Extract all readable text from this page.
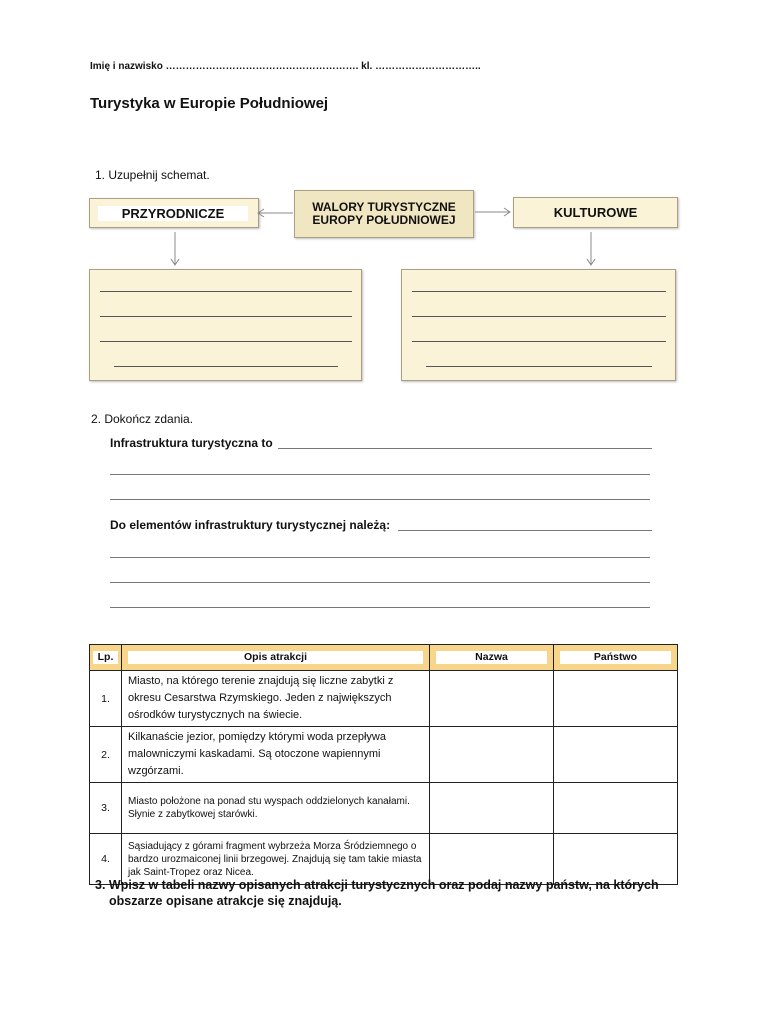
Imię i nazwisko …………………………………………………. kl. …………………………..
Turystyka w Europie Południowej
1. Uzupełnij schemat.
PRZYRODNICZE	WALORY TURYSTYCZNE
EUROPY POŁUDNIOWEJ	KULTUROWE
2. Dokończ zdania.
Infrastruktura turystyczna to
Do elementów infrastruktury turystycznej należą:
Lp.	Opis atrakcji	Nazwa	Państwo

1.	Miasto, na którego terenie znajdują się liczne zabytki z okresu Cesarstwa Rzymskiego. Jeden z największych ośrodków turystycznych na świecie.		
2.	Kilkanaście jezior, pomiędzy którymi woda przepływa malowniczymi kaskadami. Są otoczone wapiennymi wzgórzami.		
3.	Miasto położone na ponad stu wyspach oddzielonych kanałami. Słynie z zabytkowej starówki.		
4.	Sąsiadujący z górami fragment wybrzeża Morza Śródziemnego o bardzo urozmaiconej linii brzegowej. Znajdują się tam takie miasta jak Saint-Tropez oraz Nicea.		
3. Wpisz w tabeli nazwy opisanych atrakcji turystycznych oraz podaj nazwy państw, na których
obszarze opisane atrakcje się znajdują.
